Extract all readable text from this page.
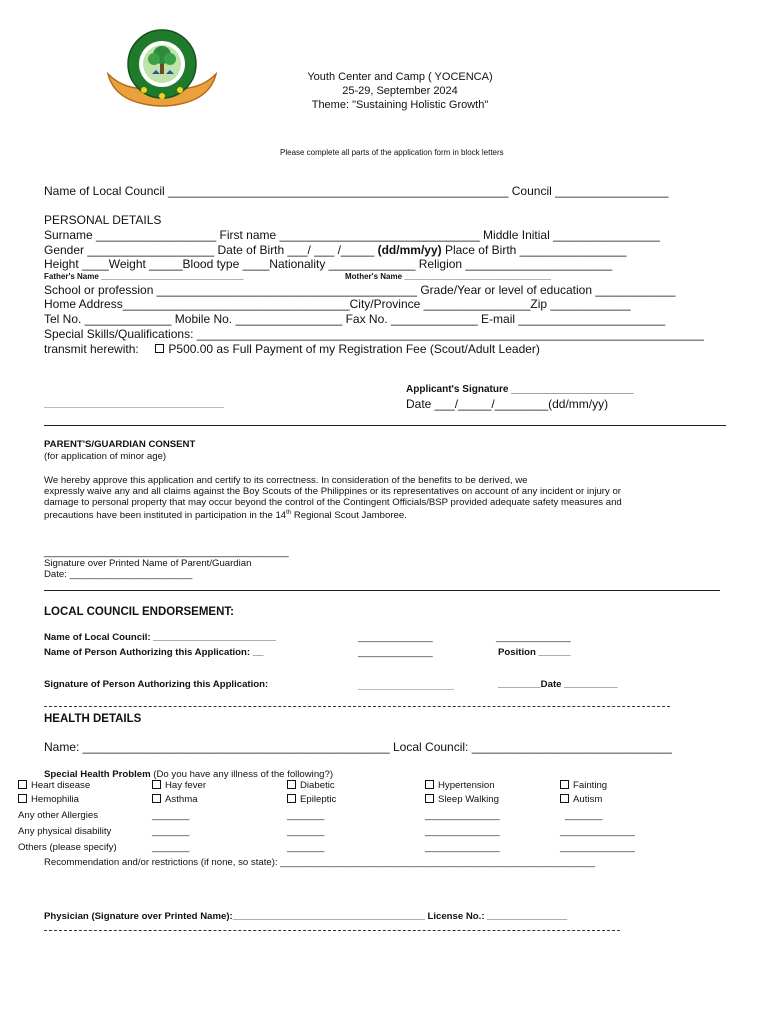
Youth Center and Camp ( YOCENCA)
25-29, September 2024
Theme: "Sustaining Holistic Growth"
Please complete all parts of the application form in block letters
Name of Local Council ___________________________________________________ Council _________________
PERSONAL DETAILS
Surname __________________ First name ______________________________ Middle Initial ________________
Gender ___________________ Date of Birth ___/ ___ /_____ (dd/mm/yy) Place of Birth ________________
Height ____Weight _____Blood type ____Nationality _____________ Religion ______________________
Father's Name ________________________________	Mother's Name _________________________________
School or profession _______________________________________ Grade/Year or level of education ____________
Home Address__________________________________City/Province ________________Zip ____________
Tel No. _____________ Mobile No. ________________ Fax No. _____________ E-mail ______________________
Special Skills/Qualifications: ____________________________________________________________________________
transmit herewith: P500.00 as Full Payment of my Registration Fee (Scout/Adult Leader)
Applicant's Signature ______________________
Date ___/_____/________(dd/mm/yy)
PARENT'S/GUARDIAN CONSENT
(for application of minor age)
We hereby approve this application and certify to its correctness. In consideration of the benefits to be derived, we
expressly waive any and all claims against the Boy Scouts of the Philippines or its representatives on account of any incident or injury or
damage to personal property that may occur beyond the control of the Contingent Officials/BSP provided adequate safety measures and
precautions have been instituted in participation in the 14th Regional Scout Jamboree.
____________________________________________
Signature over Printed Name of Parent/Guardian
Date: _______________________
LOCAL COUNCIL ENDORSEMENT:
Name of Local Council: _______________________	______________	______________
Name of Person Authorizing this Application: __	______________	Position ______
Signature of Person Authorizing this Application:	________Date __________
HEALTH DETAILS
Name: ______________________________________________ Local Council: ______________________________
Special Health Problem (Do you have any illness of the following?)
Heart disease	Hay fever	Diabetic	Hypertension	Fainting
Hemophilia	Asthma	Epileptic	Sleep Walking	Autism
Any other Allergies	_______	_______	______________	_______
Any physical disability	_______	_______	______________	______________
Others (please specify)	_______	_______	______________	______________
Recommendation and/or restrictions (if none, so state): ___________________________________________________________
Physician (Signature over Printed Name):____________________________________ License No.: _______________
